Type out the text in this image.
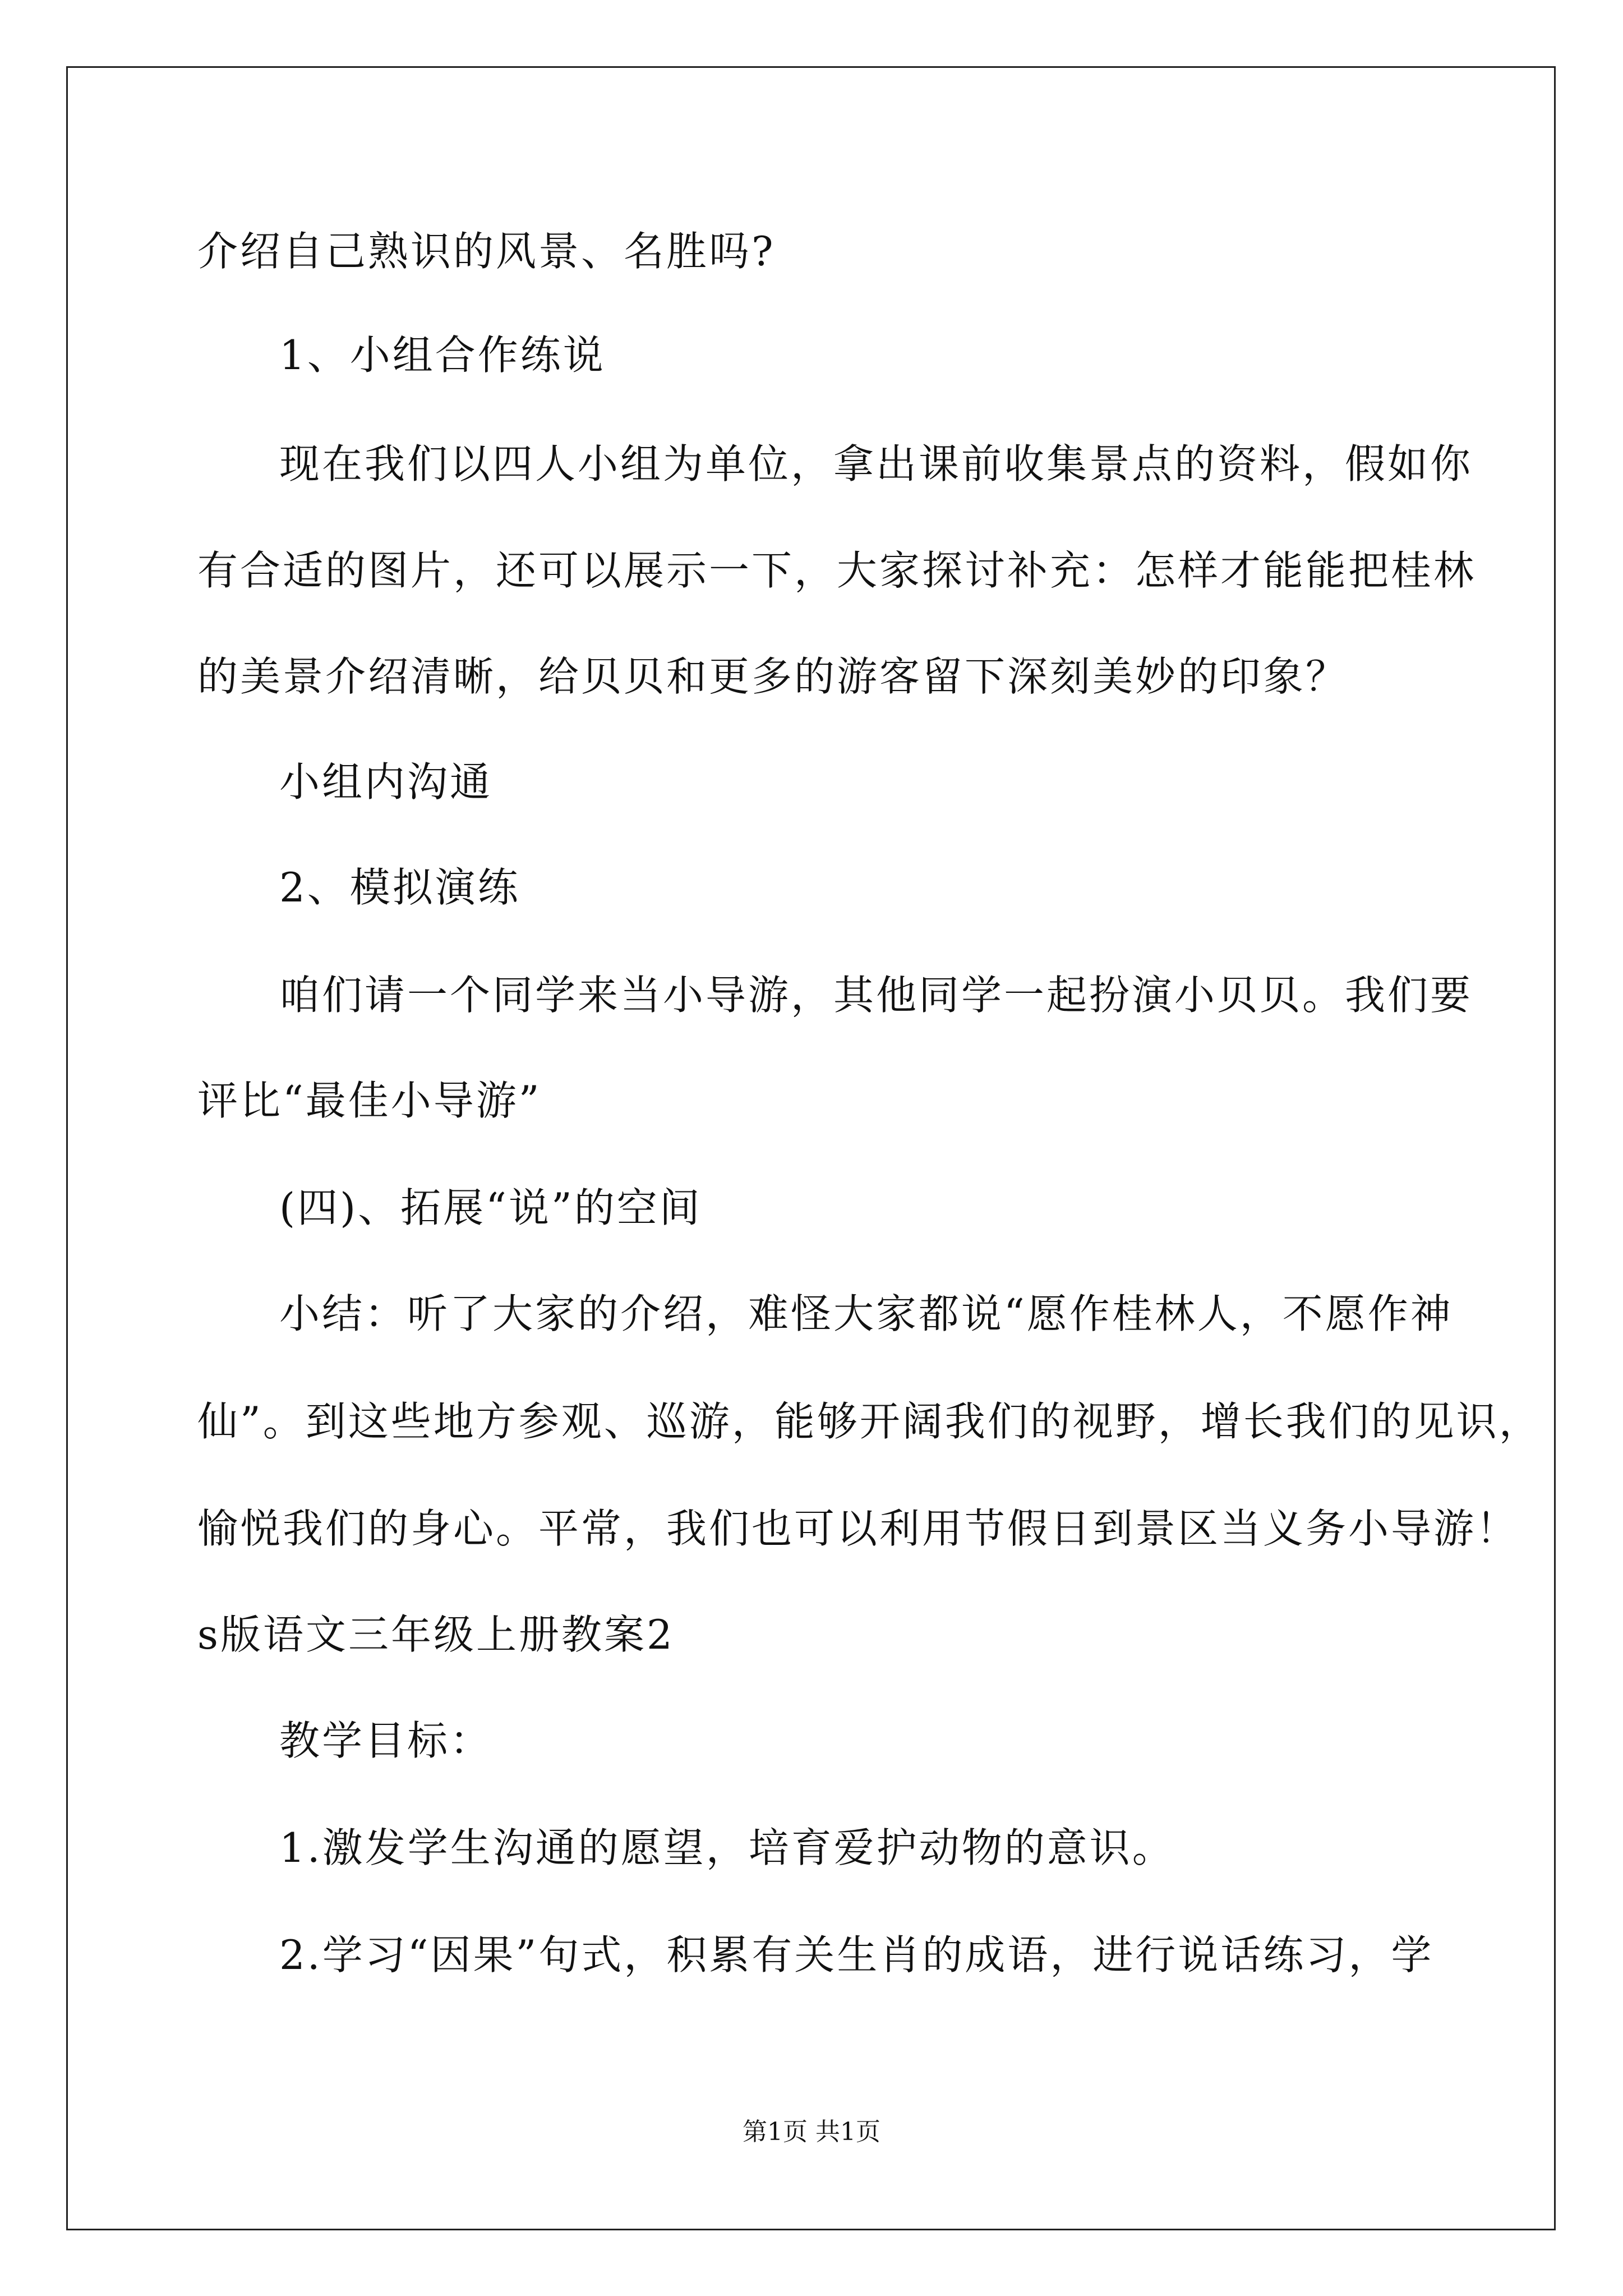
介绍自己熟识的风景、名胜吗?
1、小组合作练说
现在我们以四人小组为单位，拿出课前收集景点的资料，假如你
有合适的图片，还可以展示一下，大家探讨补充：怎样才能能把桂林
的美景介绍清晰，给贝贝和更多的游客留下深刻美妙的印象？
小组内沟通
2、模拟演练
咱们请一个同学来当小导游，其他同学一起扮演小贝贝。我们要
评比“最佳小导游”
(四)、拓展“说”的空间
小结：听了大家的介绍，难怪大家都说“愿作桂林人，不愿作神
仙”。到这些地方参观、巡游，能够开阔我们的视野，增长我们的见识，
愉悦我们的身心。平常，我们也可以利用节假日到景区当义务小导游！
s版语文三年级上册教案2
教学目标：
1.激发学生沟通的愿望，培育爱护动物的意识。
2.学习“因果”句式，积累有关生肖的成语，进行说话练习，学
第1页 共1页
